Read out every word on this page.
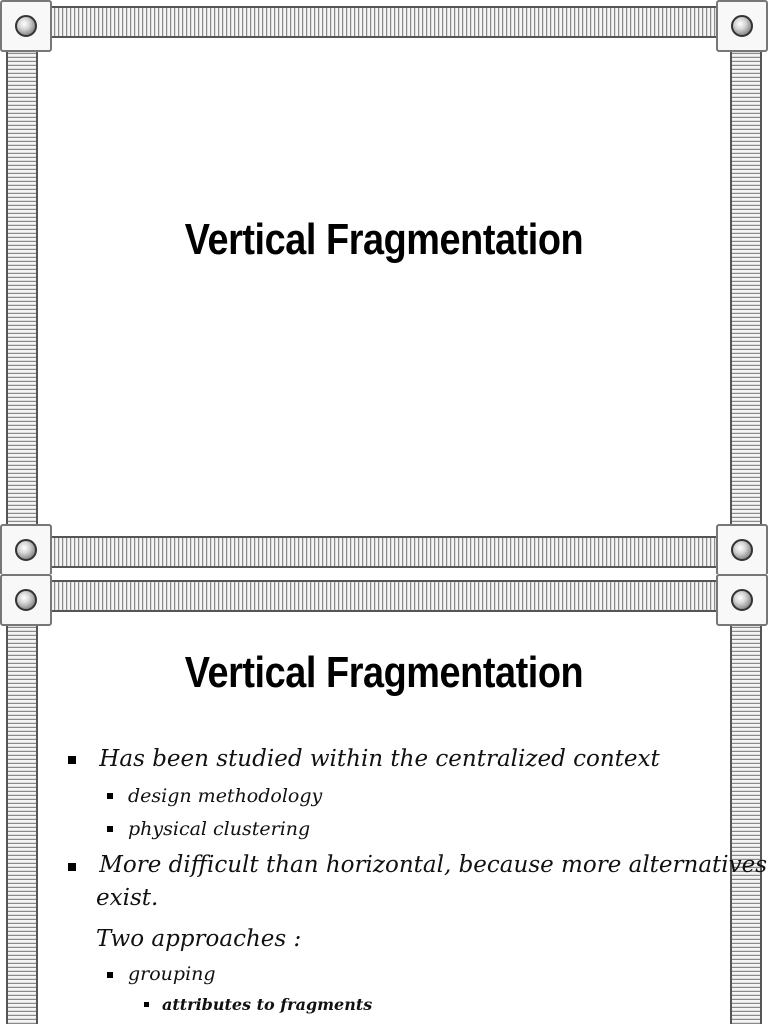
Vertical Fragmentation
Vertical Fragmentation
Has been studied within the centralized context
design methodology
physical clustering
More difficult than horizontal, because more alternatives
exist.
Two approaches :
grouping
attributes to fragments
